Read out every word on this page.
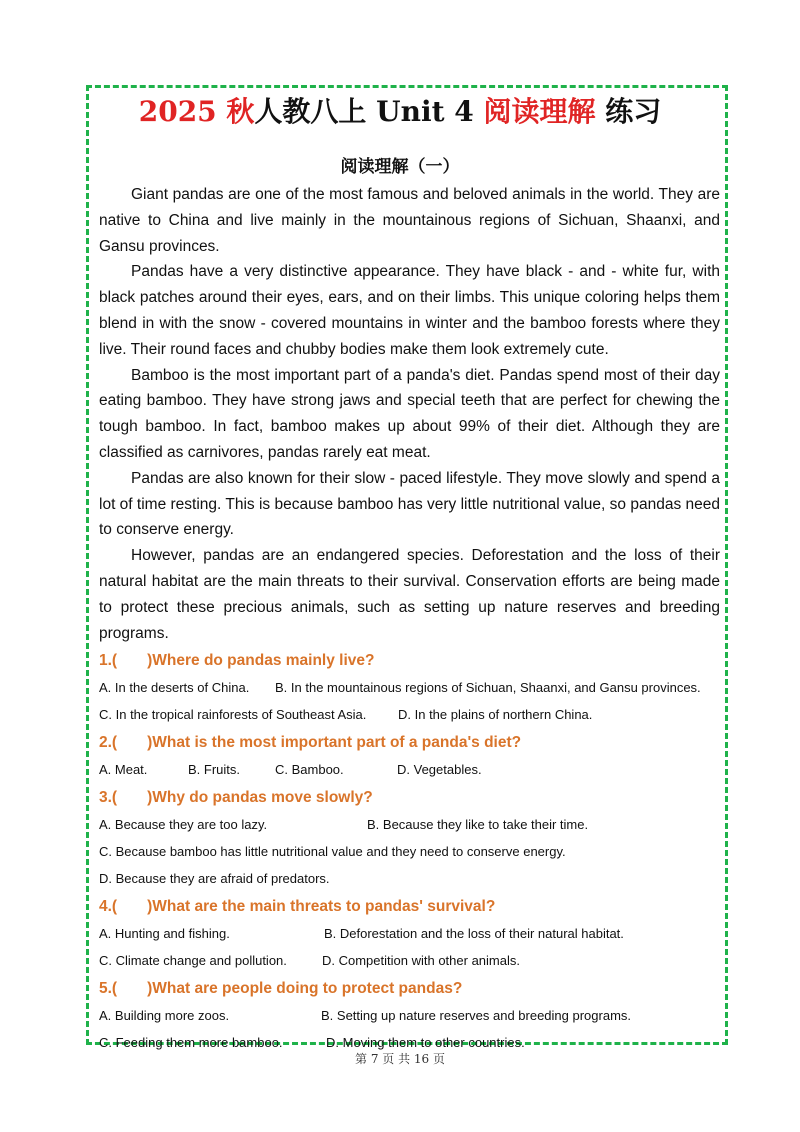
2025 秋人教八上 Unit 4 阅读理解 练习
阅读理解（一）

Giant pandas are one of the most famous and beloved animals in the world. They are native to China and live mainly in the mountainous regions of Sichuan, Shaanxi, and Gansu provinces.

Pandas have a very distinctive appearance. They have black - and - white fur, with black patches around their eyes, ears, and on their limbs. This unique coloring helps them blend in with the snow - covered mountains in winter and the bamboo forests where they live. Their round faces and chubby bodies make them look extremely cute.

Bamboo is the most important part of a panda's diet. Pandas spend most of their day eating bamboo. They have strong jaws and special teeth that are perfect for chewing the tough bamboo. In fact, bamboo makes up about 99% of their diet. Although they are classified as carnivores, pandas rarely eat meat.

Pandas are also known for their slow - paced lifestyle. They move slowly and spend a lot of time resting. This is because bamboo has very little nutritional value, so pandas need to conserve energy.

However, pandas are an endangered species. Deforestation and the loss of their natural habitat are the main threats to their survival. Conservation efforts are being made to protect these precious animals, such as setting up nature reserves and breeding programs.

1.( )Where do pandas mainly live?
A. In the deserts of China.	B. In the mountainous regions of Sichuan, Shaanxi, and Gansu provinces.
C. In the tropical rainforests of Southeast Asia.	D. In the plains of northern China.
2.( )What is the most important part of a panda's diet?
A. Meat.	B. Fruits.	C. Bamboo.	D. Vegetables.
3.( )Why do pandas move slowly?
A. Because they are too lazy.	B. Because they like to take their time.
C. Because bamboo has little nutritional value and they need to conserve energy.
D. Because they are afraid of predators.
4.( )What are the main threats to pandas' survival?
A. Hunting and fishing.	B. Deforestation and the loss of their natural habitat.
C. Climate change and pollution.	D. Competition with other animals.
5.( )What are people doing to protect pandas?
A. Building more zoos.	B. Setting up nature reserves and breeding programs.
C. Feeding them more bamboo.	D. Moving them to other countries.
第 7 页 共 16 页
